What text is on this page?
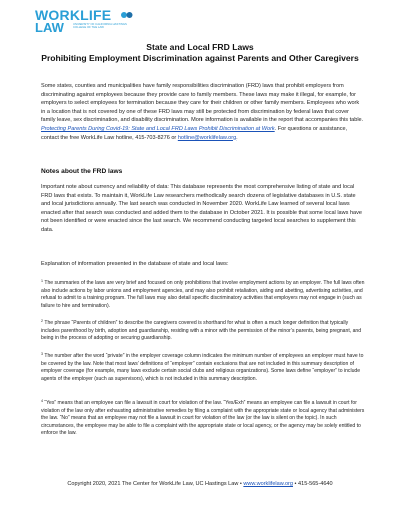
WORKLIFE
LAW	UNIVERSITY OF CALIFORNIA HASTINGS COLLEGE OF THE LAW
State and Local FRD Laws
Prohibiting Employment Discrimination against Parents and Other Caregivers

Some states, counties and municipalities have family responsibilities discrimination (FRD) laws that prohibit employers from discriminating against employees because they provide care to family members. These laws may make it illegal, for example, for employers to select employees for termination because they care for their children or other family members. Employees who work in a location that is not covered by one of these FRD laws may still be protected from discrimination by federal laws that cover family leave, sex discrimination, and disability discrimination. More information is available in the report that accompanies this table. Protecting Parents During Covid-19: State and Local FRD Laws Prohibit Discrimination at Work. For questions or assistance, contact the free WorkLife Law hotline, 415-703-8276 or hotline@worklifelaw.org.

Notes about the FRD laws

Important note about currency and reliability of data: This database represents the most comprehensive listing of state and local FRD laws that exists. To maintain it, WorkLife Law researchers methodically search dozens of legislative databases in U.S. state and local jurisdictions annually. The last search was conducted in November 2020. WorkLife Law learned of several local laws enacted after that search was conducted and added them to the database in October 2021. It is possible that some local laws have not been identified or were enacted since the last search. We recommend conducting targeted local searches to supplement this data.

Explanation of information presented in the database of state and local laws:

$^1$ The summaries of the laws are very brief and focused on only prohibitions that involve employment actions by an employer. The full laws often also include actions by labor unions and employment agencies, and may also prohibit retaliation, aiding and abetting, advertising activities, and refusal to admit to a training program. The full laws may also detail specific discriminatory activities that employers may not engage in (such as failure to hire and termination).

$^2$ The phrase “Parents of children” to describe the caregivers covered is shorthand for what is often a much longer definition that typically includes parenthood by birth, adoption and guardianship, residing with a minor with the permission of the minor’s parents, being pregnant, and being in the process of adopting or securing guardianship.

$^3$ The number after the word “private” in the employer coverage column indicates the minimum number of employees an employer must have to be covered by the law. Note that most laws’ definitions of “employer” contain exclusions that are not included in this summary description of employer coverage (for example, many laws exclude certain social clubs and religious organizations). Some laws define “employer” to include agents of the employer (such as supervisors), which is not included in this summary description.

$^4$ “Yes” means that an employee can file a lawsuit in court for violation of the law. “Yes/Exh” means an employee can file a lawsuit in court for violation of the law only after exhausting administrative remedies by filing a complaint with the appropriate state or local agency that administers the law. “No” means that an employee may not file a lawsuit in court for violation of the law (or the law is silent on the topic). In such circumstances, the employee may be able to file a complaint with the appropriate state or local agency, or the agency may be solely entitled to enforce the law.

Copyright 2020, 2021 The Center for WorkLife Law, UC Hastings Law • www.worklifelaw.org • 415-565-4640
